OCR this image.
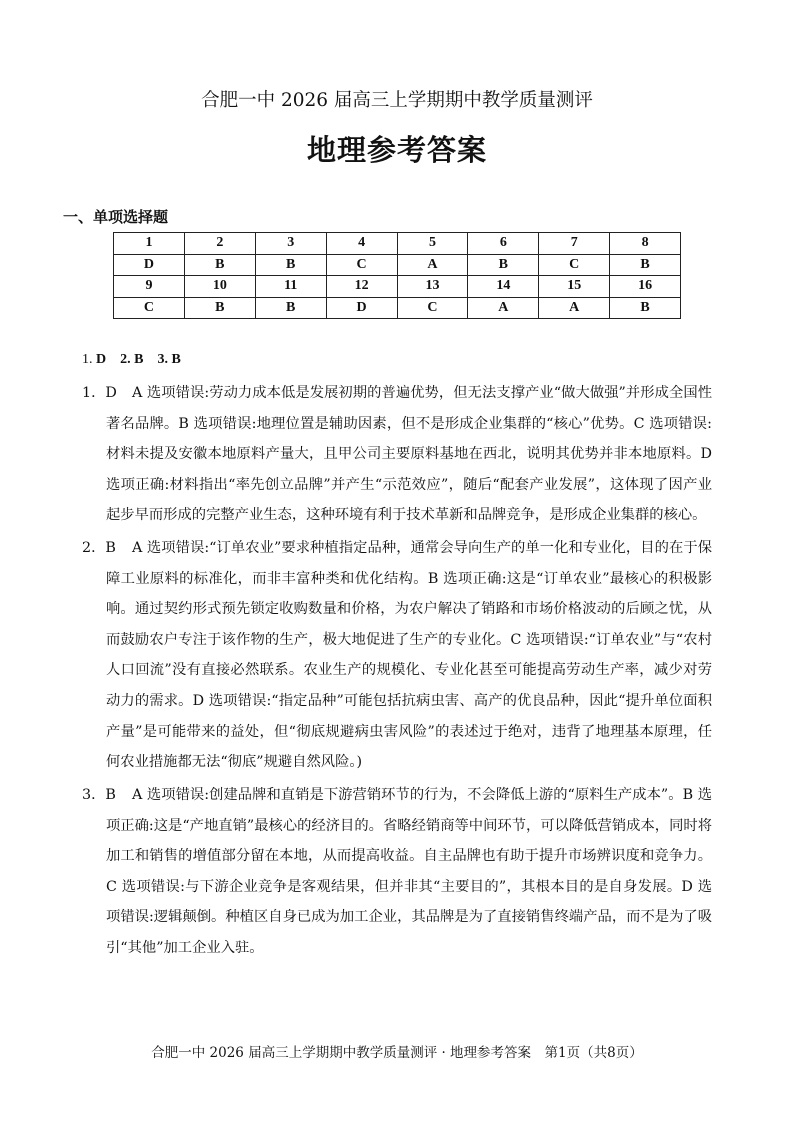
合肥一中 2026 届高三上学期期中教学质量测评
地理参考答案
一、单项选择题
1	2	3	4	5	6	7	8
D	B	B	C	A	B	C	B
9	10	11	12	13	14	15	16
C	B	B	D	C	A	A	B
1. D 2. B 3. B
1．D	A 选项错误:劳动力成本低是发展初期的普遍优势，但无法支撑产业“做大做强”并形成全国性著名品牌。B 选项错误:地理位置是辅助因素，但不是形成企业集群的“核心”优势。C 选项错误:材料未提及安徽本地原料产量大，且甲公司主要原料基地在西北，说明其优势并非本地原料。D 选项正确:材料指出“率先创立品牌”并产生“示范效应”，随后“配套产业发展”，这体现了因产业起步早而形成的完整产业生态，这种环境有利于技术革新和品牌竞争，是形成企业集群的核心。
2．B	A 选项错误:“订单农业”要求种植指定品种，通常会导向生产的单一化和专业化，目的在于保障工业原料的标准化，而非丰富种类和优化结构。B 选项正确:这是“订单农业”最核心的积极影响。通过契约形式预先锁定收购数量和价格，为农户解决了销路和市场价格波动的后顾之忧，从而鼓励农户专注于该作物的生产，极大地促进了生产的专业化。C 选项错误:“订单农业”与“农村人口回流”没有直接必然联系。农业生产的规模化、专业化甚至可能提高劳动生产率，减少对劳动力的需求。D 选项错误:“指定品种”可能包括抗病虫害、高产的优良品种，因此“提升单位面积产量”是可能带来的益处，但“彻底规避病虫害风险”的表述过于绝对，违背了地理基本原理，任何农业措施都无法“彻底”规避自然风险。)
3．B	A 选项错误:创建品牌和直销是下游营销环节的行为，不会降低上游的“原料生产成本”。B 选项正确:这是“产地直销”最核心的经济目的。省略经销商等中间环节，可以降低营销成本，同时将加工和销售的增值部分留在本地，从而提高收益。自主品牌也有助于提升市场辨识度和竞争力。C 选项错误:与下游企业竞争是客观结果，但并非其“主要目的”，其根本目的是自身发展。D 选项错误:逻辑颠倒。种植区自身已成为加工企业，其品牌是为了直接销售终端产品，而不是为了吸引“其他”加工企业入驻。
合肥一中 2026 届高三上学期期中教学质量测评 · 地理参考答案　第1页（共8页）
